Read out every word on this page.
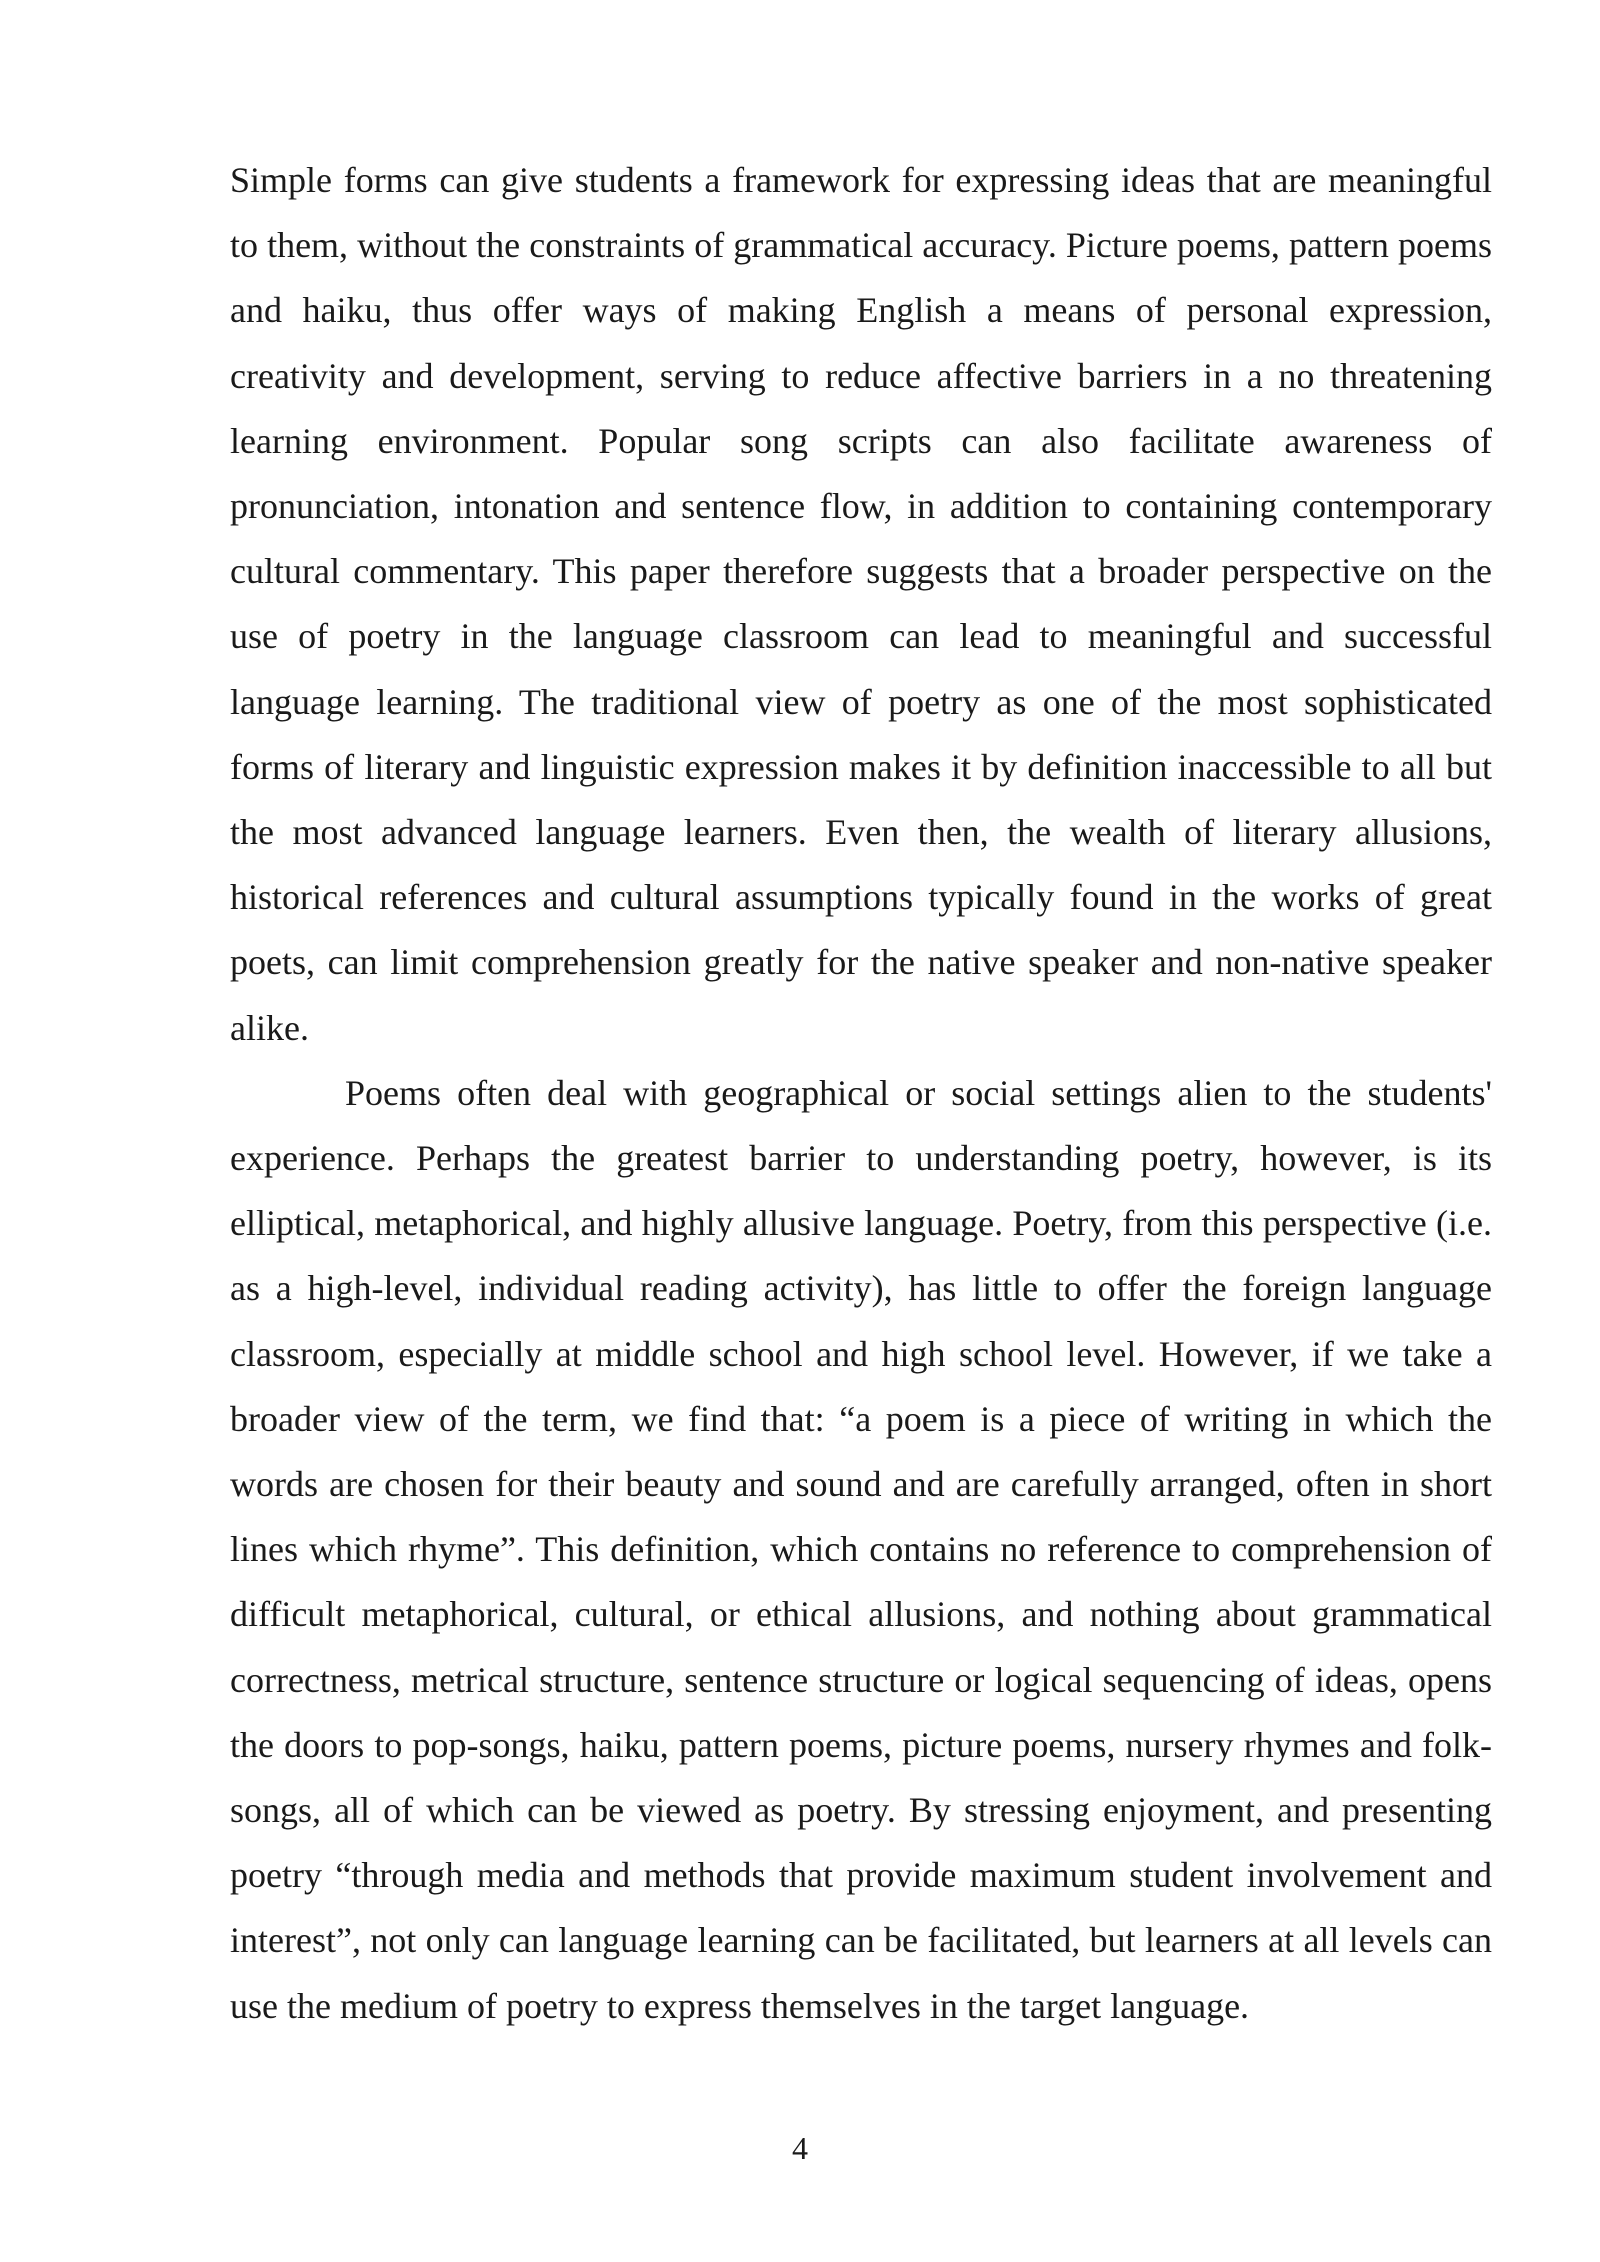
Simple forms can give students a framework for expressing ideas that are meaningful to them, without the constraints of grammatical accuracy. Picture poems, pattern poems and haiku, thus offer ways of making English a means of personal expression, creativity and development, serving to reduce affective barriers in a no threatening learning environment. Popular song scripts can also facilitate awareness of pronunciation, intonation and sentence flow, in addition to containing contemporary cultural commentary. This paper therefore suggests that a broader perspective on the use of poetry in the language classroom can lead to meaningful and successful language learning. The traditional view of poetry as one of the most sophisticated forms of literary and linguistic expression makes it by definition inaccessible to all but the most advanced language learners. Even then, the wealth of literary allusions, historical references and cultural assumptions typically found in the works of great poets, can limit comprehension greatly for the native speaker and non-native speaker alike.

Poems often deal with geographical or social settings alien to the students' experience. Perhaps the greatest barrier to understanding poetry, however, is its elliptical, metaphorical, and highly allusive language. Poetry, from this perspective (i.e. as a high-level, individual reading activity), has little to offer the foreign language classroom, especially at middle school and high school level. However, if we take a broader view of the term, we find that: “a poem is a piece of writing in which the words are chosen for their beauty and sound and are carefully arranged, often in short lines which rhyme”. This definition, which contains no reference to comprehension of difficult metaphorical, cultural, or ethical allusions, and nothing about grammatical correctness, metrical structure, sentence structure or logical sequencing of ideas, opens the doors to pop-songs, haiku, pattern poems, picture poems, nursery rhymes and folk-songs, all of which can be viewed as poetry. By stressing enjoyment, and presenting poetry “through media and methods that provide maximum student involvement and interest”, not only can language learning can be facilitated, but learners at all levels can use the medium of poetry to express themselves in the target language.

4
